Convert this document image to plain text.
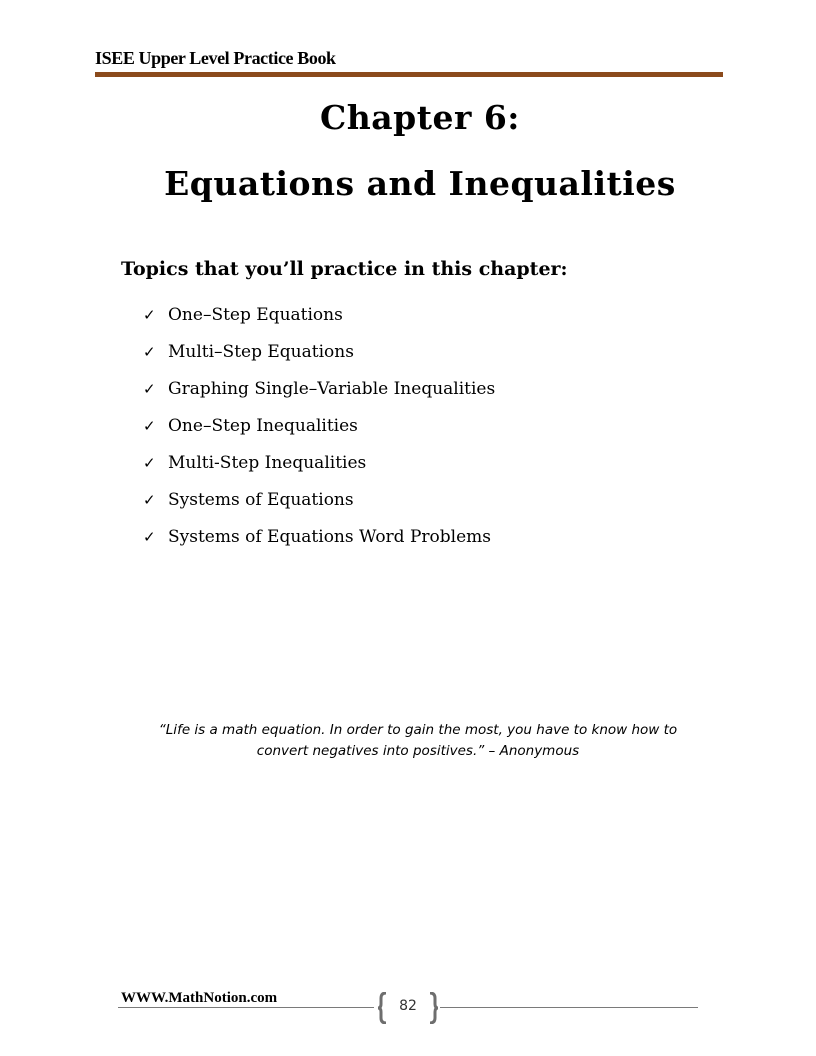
ISEE Upper Level Practice Book
Chapter 6:
Equations and Inequalities
Topics that you’ll practice in this chapter:
✓ One–Step Equations
✓ Multi–Step Equations
✓ Graphing Single–Variable Inequalities
✓ One–Step Inequalities
✓ Multi-Step Inequalities
✓ Systems of Equations
✓ Systems of Equations Word Problems
“Life is a math equation. In order to gain the most, you have to know how to
convert negatives into positives.” – Anonymous
WWW.MathNotion.com	82
